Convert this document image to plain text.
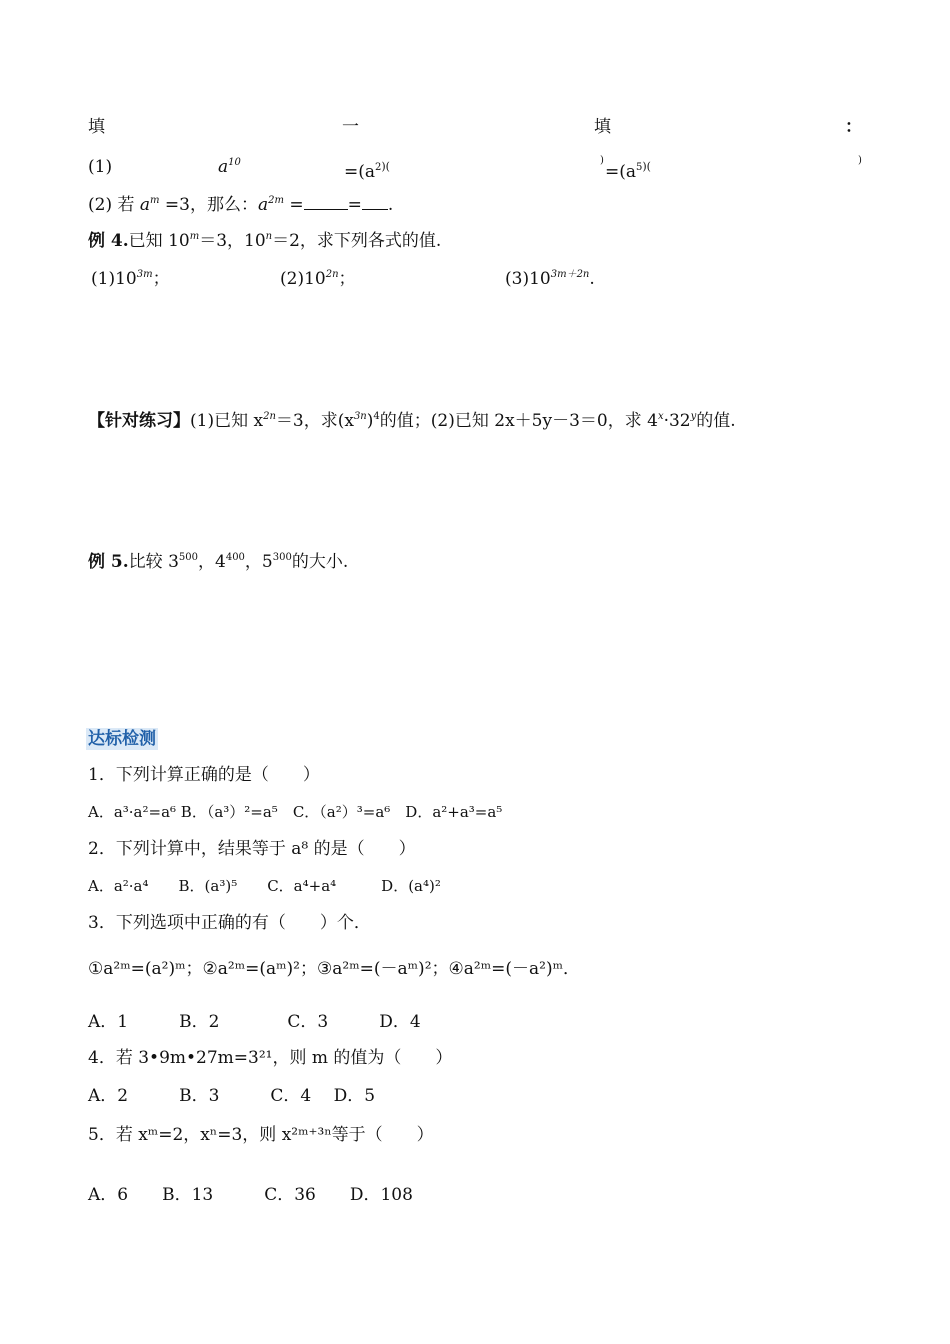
填	一	填	：
(1)	$a^{10}$	$=(a^{2)(}$	)
$=(a^{5)(}$	)
(2) 若 $a^m =3$，那么：$a^{2m}$ =	= .
例 4.已知 $10^m=3$，$10^n=2$，求下列各式的值.
$(1)10^{3m}$；	$(2)10^{2n}$；	$(3)10^{3m+2n}$.
【针对练习】(1)已知 $x^{2n}=3$，求$(x^{3n})^4$的值；(2)已知 2x＋5y－3＝0，求 $4^x\cdot 32^y$的值.
例 5.比较 $3^{500}$，$4^{400}$，$5^{300}$的大小.
达标检测
1．下列计算正确的是（　　）
A．a³·a²=a⁶ B．（a³）²=a⁵　C．（a²）³=a⁶　D．a²+a³=a⁵
2．下列计算中，结果等于 a⁸ 的是（　　）
A．a²·a⁴　　B．(a³)⁵　　C．a⁴+a⁴　　　D．(a⁴)²
3．下列选项中正确的有（　　）个．
①a²ᵐ=(a²)ᵐ；②a²ᵐ=(aᵐ)²；③a²ᵐ=(－aᵐ)²；④a²ᵐ=(－a²)ᵐ．
A．1　　　B．2　　　　C．3　　　D．4
4．若 3•9m•27m=3²¹，则 m 的值为（　　）
A．2　　　B．3　　　C．4　 D．5
5．若 xᵐ=2，xⁿ=3，则 x²ᵐ⁺³ⁿ等于（　　）
A．6　　B．13　　　C．36　　D．108
